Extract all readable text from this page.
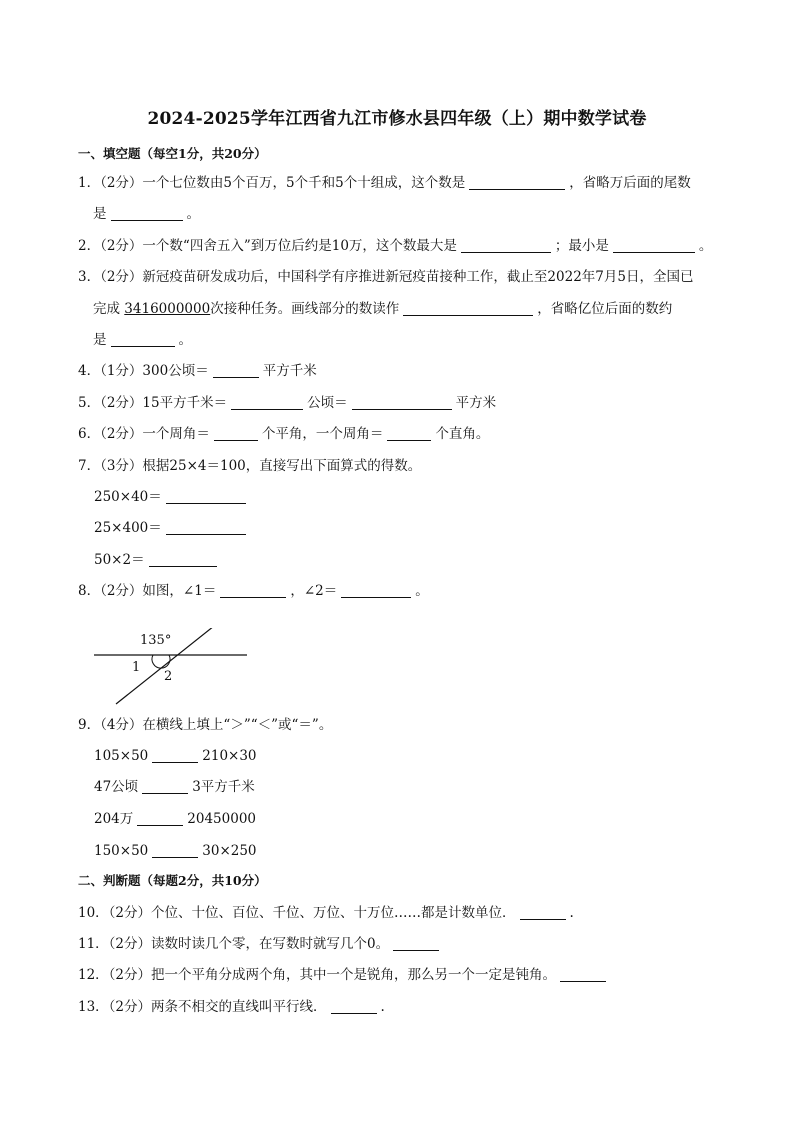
2024-2025学年江西省九江市修水县四年级（上）期中数学试卷
一、填空题（每空1分，共20分）
1．（2分）一个七位数由5个百万，5个千和5个十组成，这个数是	，省略万后面的尾数
是	。
2．（2分）一个数“四舍五入”到万位后约是10万，这个数最大是	；最小是	。
3．（2分）新冠疫苗研发成功后，中国科学有序推进新冠疫苗接种工作，截止至2022年7月5日，全国已
完成 3416000000次接种任务。画线部分的数读作	，省略亿位后面的数约
是	。
4．（1分）300公顷＝	平方千米
5．（2分）15平方千米＝	公顷＝	平方米
6．（2分）一个周角＝	个平角，一个周角＝	个直角。
7．（3分）根据25×4＝100，直接写出下面算式的得数。
250×40＝
25×400＝
50×2＝
8．（2分）如图，∠1＝	，∠2＝	。
135°
1
2
9．（4分）在横线上填上“＞”“＜”或“＝”。
105×50	210×30
47公顷	3平方千米
204万	20450000
150×50	30×250
二、判断题（每题2分，共10分）
10．（2分）个位、十位、百位、千位、万位、十万位……都是计数单位．	.
11．（2分）读数时读几个零，在写数时就写几个0。
12．（2分）把一个平角分成两个角，其中一个是锐角，那么另一个一定是钝角。
13．（2分）两条不相交的直线叫平行线．	.
